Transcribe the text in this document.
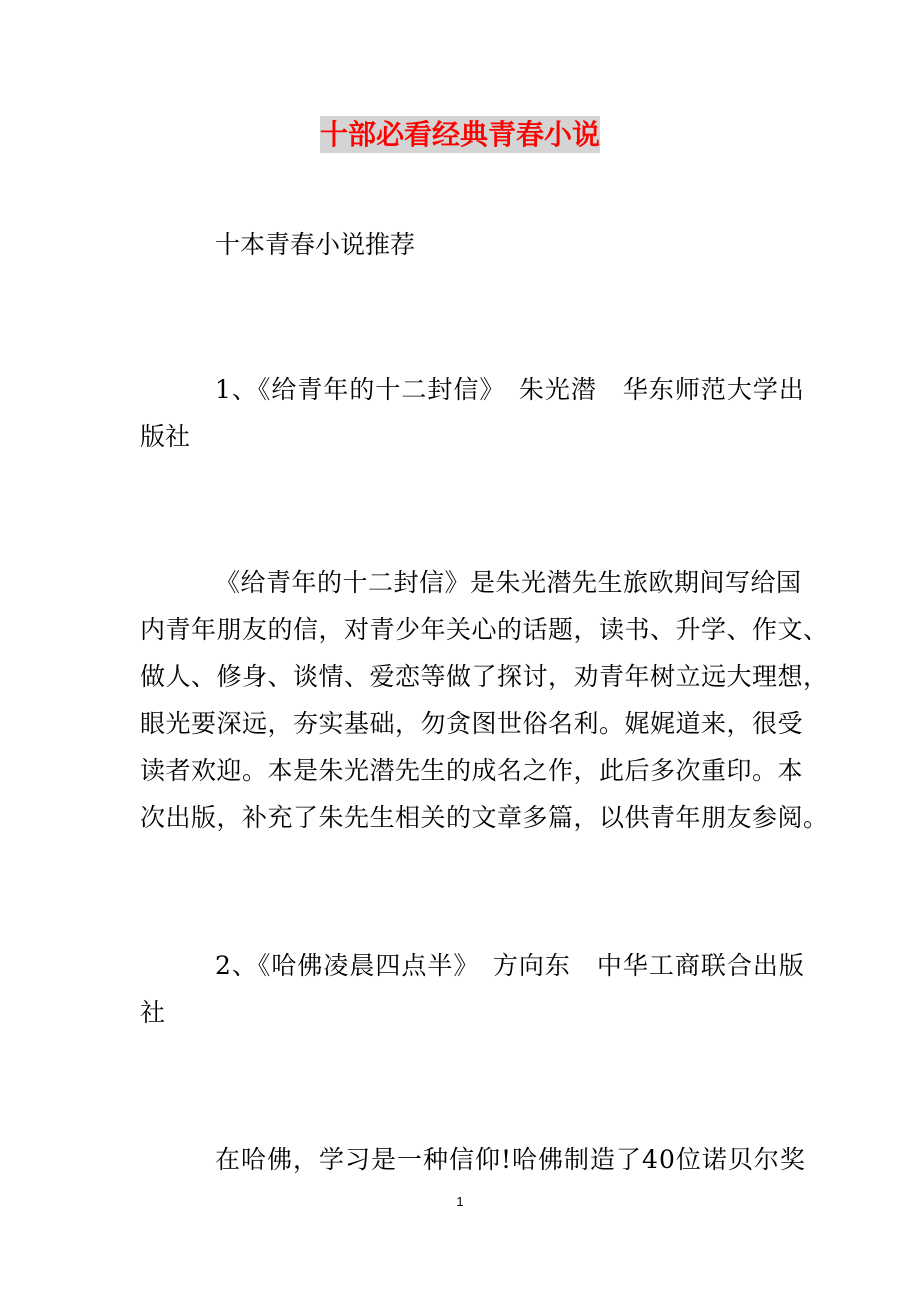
十部必看经典青春小说
十本青春小说推荐
1、《给青年的十二封信》　朱光潜　华东师范大学出
版社
《给青年的十二封信》是朱光潜先生旅欧期间写给国
内青年朋友的信，对青少年关心的话题，读书、升学、作文、
做人、修身、谈情、爱恋等做了探讨，劝青年树立远大理想，
眼光要深远，夯实基础，勿贪图世俗名利。娓娓道来，很受
读者欢迎。本是朱光潜先生的成名之作，此后多次重印。本
次出版，补充了朱先生相关的文章多篇，以供青年朋友参阅。
2、《哈佛凌晨四点半》　方向东　中华工商联合出版
社
在哈佛，学习是一种信仰!哈佛制造了40位诺贝尔奖
1
